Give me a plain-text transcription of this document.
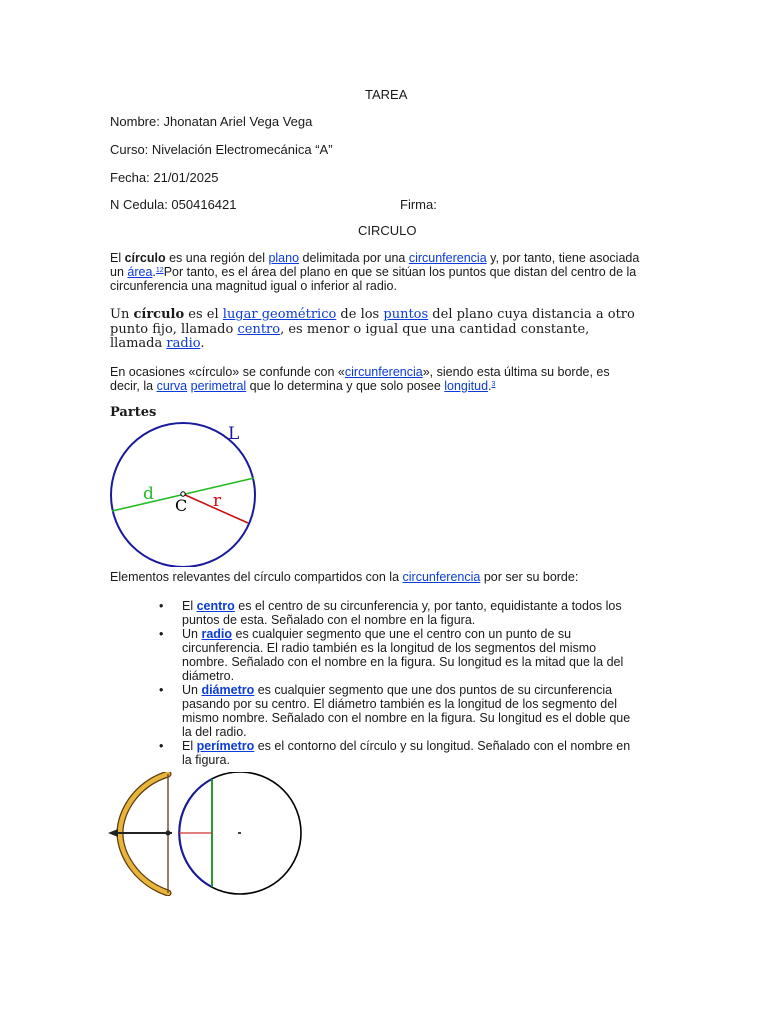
TAREA
Nombre: Jhonatan Ariel Vega Vega
Curso: Nivelación Electromecánica “A”
Fecha: 21/01/2025
N Cedula: 050416421	Firma:
CIRCULO
El círculo es una región del plano delimitada por una circunferencia y, por tanto, tiene asociada
un área.$^{12}$Por tanto, es el área del plano en que se sitúan los puntos que distan del centro de la
circunferencia una magnitud igual o inferior al radio.
Un círculo es el lugar geométrico de los puntos del plano cuya distancia a otro
punto fijo, llamado centro, es menor o igual que una cantidad constante,
llamada radio.
En ocasiones «círculo» se confunde con «circunferencia», siendo esta última su borde, es
decir, la curva perimetral que lo determina y que solo posee longitud.$^3$
Partes
L
d
C r
Elementos relevantes del círculo compartidos con la circunferencia por ser su borde:
• El centro es el centro de su circunferencia y, por tanto, equidistante a todos los
puntos de esta. Señalado con el nombre en la figura.
• Un radio es cualquier segmento que une el centro con un punto de su
circunferencia. El radio también es la longitud de los segmentos del mismo
nombre. Señalado con el nombre en la figura. Su longitud es la mitad que la del
diámetro.
• Un diámetro es cualquier segmento que une dos puntos de su circunferencia
pasando por su centro. El diámetro también es la longitud de los segmento del
mismo nombre. Señalado con el nombre en la figura. Su longitud es el doble que
la del radio.
• El perímetro es el contorno del círculo y su longitud. Señalado con el nombre en
la figura.
